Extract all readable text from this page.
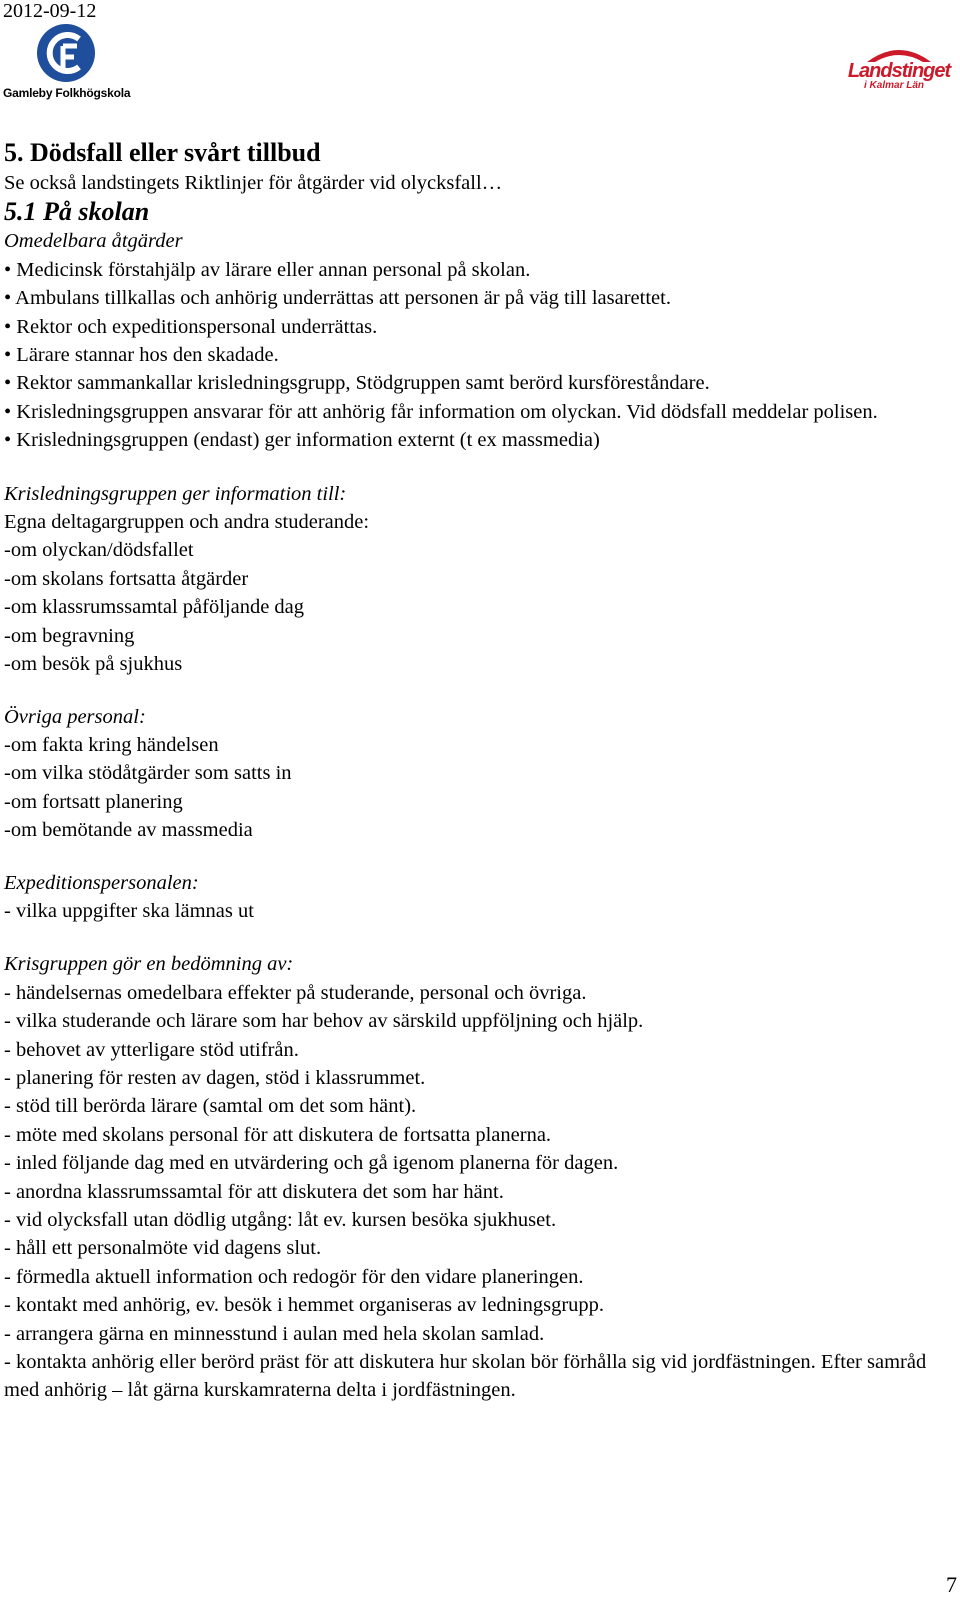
2012-09-12
Gamleby Folkhögskola
Landstinget
i Kalmar Län
5. Dödsfall eller svårt tillbud
Se också landstingets Riktlinjer för åtgärder vid olycksfall…
5.1 På skolan
Omedelbara åtgärder
• Medicinsk förstahjälp av lärare eller annan personal på skolan.
• Ambulans tillkallas och anhörig underrättas att personen är på väg till lasarettet.
• Rektor och expeditionspersonal underrättas.
• Lärare stannar hos den skadade.
• Rektor sammankallar krisledningsgrupp, Stödgruppen samt berörd kursföreståndare.
• Krisledningsgruppen ansvarar för att anhörig får information om olyckan. Vid dödsfall meddelar polisen.
• Krisledningsgruppen (endast) ger information externt (t ex massmedia)
Krisledningsgruppen ger information till:
Egna deltagargruppen och andra studerande:
-om olyckan/dödsfallet
-om skolans fortsatta åtgärder
-om klassrumssamtal påföljande dag
-om begravning
-om besök på sjukhus
Övriga personal:
-om fakta kring händelsen
-om vilka stödåtgärder som satts in
-om fortsatt planering
-om bemötande av massmedia
Expeditionspersonalen:
- vilka uppgifter ska lämnas ut
Krisgruppen gör en bedömning av:
- händelsernas omedelbara effekter på studerande, personal och övriga.
- vilka studerande och lärare som har behov av särskild uppföljning och hjälp.
- behovet av ytterligare stöd utifrån.
- planering för resten av dagen, stöd i klassrummet.
- stöd till berörda lärare (samtal om det som hänt).
- möte med skolans personal för att diskutera de fortsatta planerna.
- inled följande dag med en utvärdering och gå igenom planerna för dagen.
- anordna klassrumssamtal för att diskutera det som har hänt.
- vid olycksfall utan dödlig utgång: låt ev. kursen besöka sjukhuset.
- håll ett personalmöte vid dagens slut.
- förmedla aktuell information och redogör för den vidare planeringen.
- kontakt med anhörig, ev. besök i hemmet organiseras av ledningsgrupp.
- arrangera gärna en minnesstund i aulan med hela skolan samlad.
- kontakta anhörig eller berörd präst för att diskutera hur skolan bör förhålla sig vid jordfästningen. Efter samråd med anhörig – låt gärna kurskamraterna delta i jordfästningen.
7
